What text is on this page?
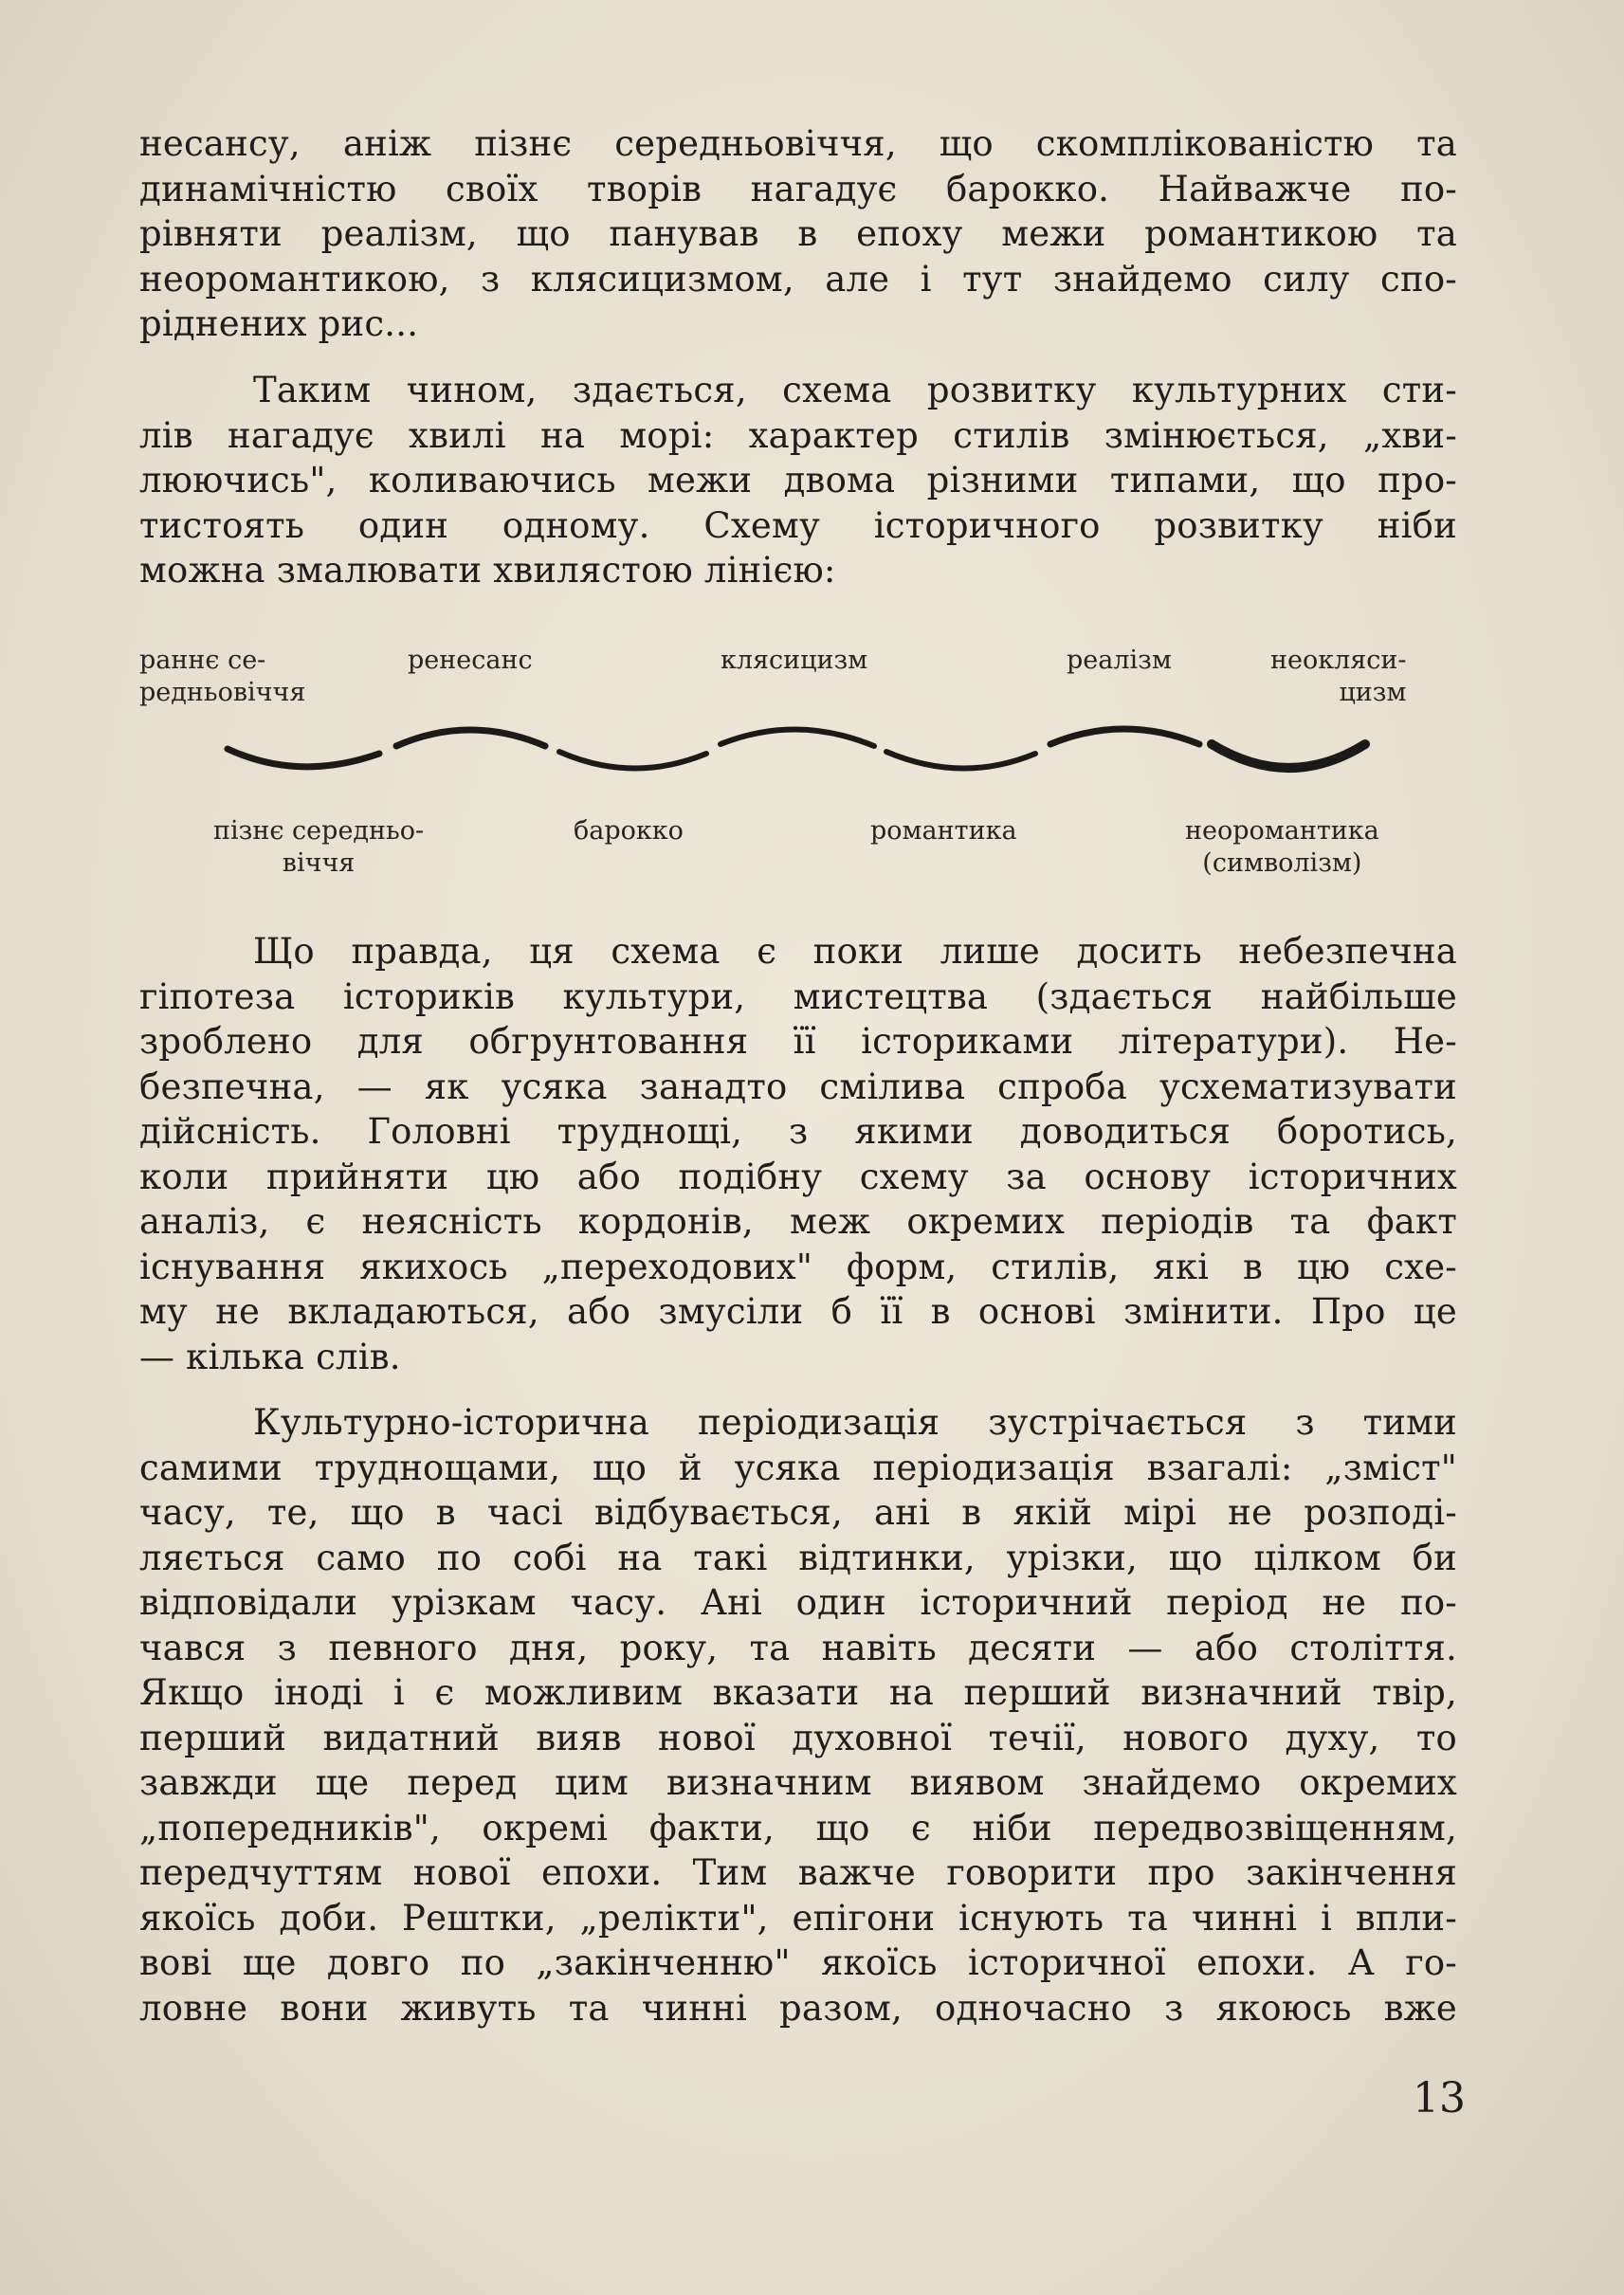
несансу, аніж пізнє середньовіччя, що скомплікованістю та
динамічністю своїх творів нагадує барокко. Найважче по-
рівняти реалізм, що панував в епоху межи романтикою та
неоромантикою, з клясицизмом, але і тут знайдемо силу спо-
ріднених рис...
Таким чином, здається, схема розвитку культурних сти-
лів нагадує хвилі на морі: характер стилів змінюється, „хви-
люючись", коливаючись межи двома різними типами, що про-
тистоять один одному. Схему історичного розвитку ніби
можна змалювати хвилястою лінією:
раннє се-
редньовіччя
ренесанс	клясицизм	реалізм	неокляси-
цизм
пізнє середньо-
віччя
барокко	романтика	неоромантика
(символізм)
Що правда, ця схема є поки лише досить небезпечна
гіпотеза істориків культури, мистецтва (здається найбільше
зроблено для обгрунтовання її істориками літератури). Не-
безпечна, — як усяка занадто смілива спроба усхематизувати
дійсність. Головні труднощі, з якими доводиться боротись,
коли прийняти цю або подібну схему за основу історичних
аналіз, є неясність кордонів, меж окремих періодів та факт
існування якихось „переходових" форм, стилів, які в цю схе-
му не вкладаються, або змусіли б її в основі змінити. Про це
— кілька слів.
Культурно-історична періодизація зустрічається з тими
самими труднощами, що й усяка періодизація взагалі: „зміст"
часу, те, що в часі відбувається, ані в якій мірі не розподі-
ляється само по собі на такі відтинки, урізки, що цілком би
відповідали урізкам часу. Ані один історичний період не по-
чався з певного дня, року, та навіть десяти — або століття.
Якщо іноді і є можливим вказати на перший визначний твір,
перший видатний вияв нової духовної течії, нового духу, то
завжди ще перед цим визначним виявом знайдемо окремих
„попередників", окремі факти, що є ніби передвозвіщенням,
передчуттям нової епохи. Тим важче говорити про закінчення
якоїсь доби. Рештки, „релікти", епігони існують та чинні і впли-
вові ще довго по „закінченню" якоїсь історичної епохи. А го-
ловне вони живуть та чинні разом, одночасно з якоюсь вже
13
